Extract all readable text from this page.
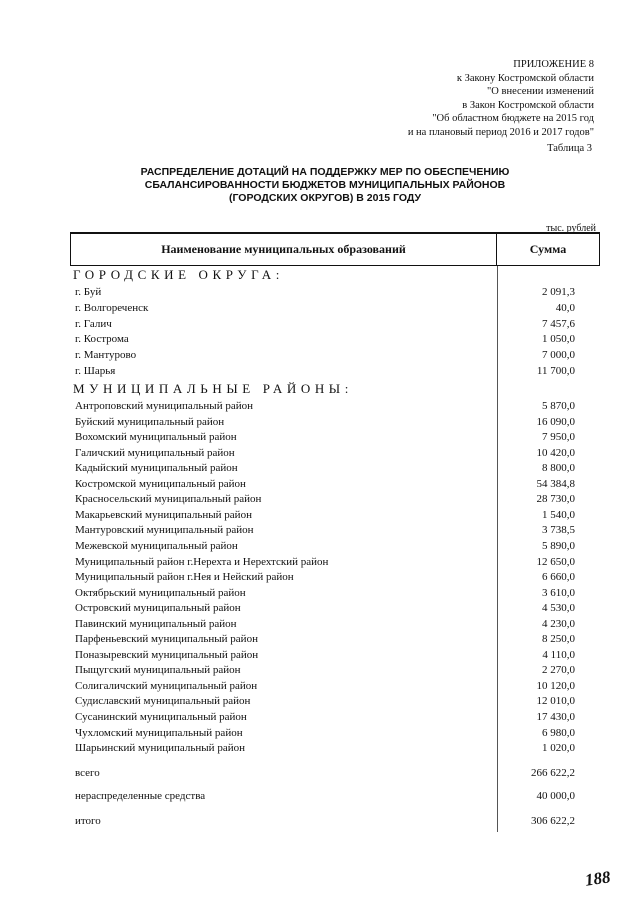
ПРИЛОЖЕНИЕ 8
к Закону Костромской области
"О внесении изменений
в Закон Костромской области
"Об областном бюджете на 2015 год
и на плановый период 2016 и 2017 годов"
Таблица 3
РАСПРЕДЕЛЕНИЕ ДОТАЦИЙ НА ПОДДЕРЖКУ МЕР ПО ОБЕСПЕЧЕНИЮ
СБАЛАНСИРОВАННОСТИ БЮДЖЕТОВ МУНИЦИПАЛЬНЫХ РАЙОНОВ
(ГОРОДСКИХ ОКРУГОВ) В 2015 ГОДУ
тыс. рублей
Наименование муниципальных образований	Сумма
ГОРОДСКИЕ ОКРУГА:
г. Буй	2 091,3
г. Волгореченск	40,0
г. Галич	7 457,6
г. Кострома	1 050,0
г. Мантурово	7 000,0
г. Шарья	11 700,0
МУНИЦИПАЛЬНЫЕ РАЙОНЫ:
Антроповский муниципальный район	5 870,0
Буйский муниципальный район	16 090,0
Вохомский муниципальный район	7 950,0
Галичский муниципальный район	10 420,0
Кадыйский муниципальный район	8 800,0
Костромской муниципальный район	54 384,8
Красносельский муниципальный район	28 730,0
Макарьевский муниципальный район	1 540,0
Мантуровский муниципальный район	3 738,5
Межевской муниципальный район	5 890,0
Муниципальный район г.Нерехта и Нерехтский район	12 650,0
Муниципальный район г.Нея и Нейский район	6 660,0
Октябрьский муниципальный район	3 610,0
Островский муниципальный район	4 530,0
Павинский муниципальный район	4 230,0
Парфеньевский муниципальный район	8 250,0
Поназыревский муниципальный район	4 110,0
Пыщугский муниципальный район	2 270,0
Солигаличский муниципальный район	10 120,0
Судиславский муниципальный район	12 010,0
Сусанинский муниципальный район	17 430,0
Чухломский муниципальный район	6 980,0
Шарьинский муниципальный район	1 020,0
всего	266 622,2
нераспределенные средства	40 000,0
итого	306 622,2
188
